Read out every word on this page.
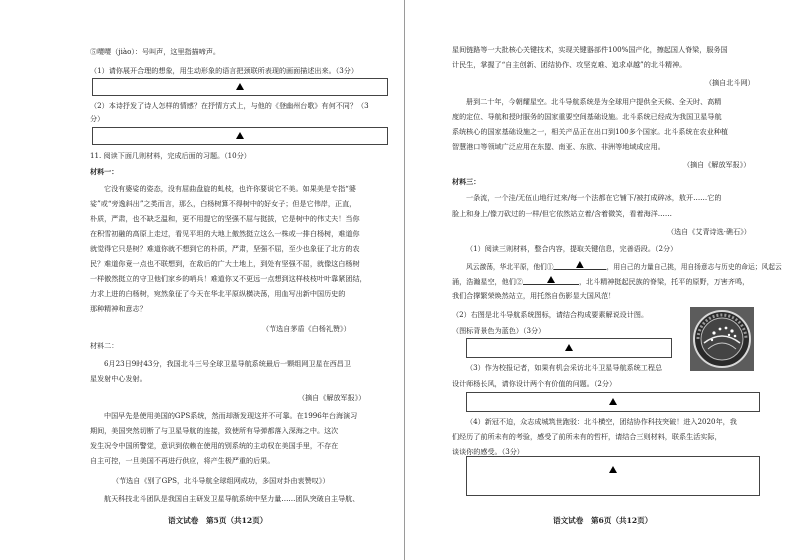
⑤嘤嘤（jiào）：号叫声，这里指描啼声。
（1）请你展开合理的想象，用生动形象的语言把颈联所表现的画面描述出来。（3分）
（2）本诗抒发了诗人怎样的情感？在抒情方式上，与他的《登幽州台歌》有何不同？（3
分）
11. 阅读下面几则材料，完成后面的习题。（10分）
材料一：
它没有婆娑的姿态，没有屈曲盘旋的虬枝，也许你要说它不美。如果美是专指“婆
娑”或“旁逸斜出”之类而言，那么，白杨树算不得树中的好女子；但是它伟岸，正直，
朴质，严肃，也不缺乏温和，更不用提它的坚强不屈与挺拔，它是树中的伟丈夫！当你
在积雪初融的高原上走过，看见平坦的大地上傲然挺立这么一株或一排白杨树，难道你
就觉得它只是树？难道你就不想到它的朴质，严肃，坚强不屈，至少也象征了北方的农
民？难道你竟一点也不联想到，在敌后的广大土地上，到处有坚强不屈，就像这白杨树
一样傲然挺立的守卫他们家乡的哨兵！难道你又不更远一点想到这样枝枝叶叶靠紧团结，
力求上进的白杨树，宛然象征了今天在华北平原纵横决荡，用血写出新中国历史的
那种精神和意志？
（节选自茅盾《白杨礼赞》）
材料二：
6月23日9时43分，我国北斗三号全球卫星导航系统最后一颗组网卫星在西昌卫
星发射中心发射。
（摘自《解放军报》）
中国早先是使用美国的GPS系统，然而却渐发现这并不可靠。在1996年台海演习
期间，美国突然切断了与卫星导航的连接，致使所有导弹都落入深海之中。这次
发生况令中国所警觉，意识到依赖在使用的别系统的主动权在美国手里，不存在
自主可控，一旦美国不再进行供应，将产生极严重的后果。
（节选自《别了GPS，北斗导航全球组网成功，多国对卦由衷赞叹》）
航天科技北斗团队是我国自主研发卫星导航系统中坚力量……团队突破自主导航、
语文试卷　第5页（共12页）
星间链路等一大批核心关键技术，实现关键器部件100%国产化，擦起国人脊梁，服务国
计民生，掌握了“自主创新、团结协作、攻坚克难、追求卓越”的北斗精神。
（摘自北斗网）
册到二十年，今朝耀星空。北斗导航系统是为全球用户提供全天候、全天时、高精
度的定位、导航和授时服务的国家重要空间基础设施。北斗系统已经成为我国卫星导航
系统核心的国家基础设施之一，相关产品正在出口到100多个国家。北斗系统在农业种植
智慧港口等领域广泛应用在东盟、南亚、东欧、非洲等地域成应用。
（摘自《解放军报》）
材料三：
一条流，一个洼/无伍山地行过来/每一个法都在它铺下/被打成碎冰，敖开……它的
脸上和身上/像刀砍过的一样/但它依然站立着/含着微笑，看着海洋……
（选自《艾青诗选·礁石》）
（1）阅读三则材料，整合内容，提取关键信息，完善语段。（2分）
风云激荡，华北平原，他们①	，用自己的力量自己挑，用自扬意志与历史的命运；风起云
涌，浩瀚星空，他们②	，北斗精神挺起民族的脊梁，托平的原野，万害齐鸣，
我们合撑繁荣焕然站立，用托然自伤影显大国风范！
（2）右图是北斗导航系统图标，请结合构成要素解说设计图。
（图标背景色为蓝色）（3分）
（3）作为校报记者，如果有机会采访北斗卫星导航系统工程总
设计师杨长风，请你设计两个有价值的问题。（2分）
（4）新冠不迫，众志成城筑世跑驳：北斗横空，团结协作科技突破！进入2020年，我
们经历了前所未有的考验，感受了前所未有的哲杆，请结合三则材料，联系生活实际，
谈谈你的感受。（3分）
语文试卷　第6页（共12页）
